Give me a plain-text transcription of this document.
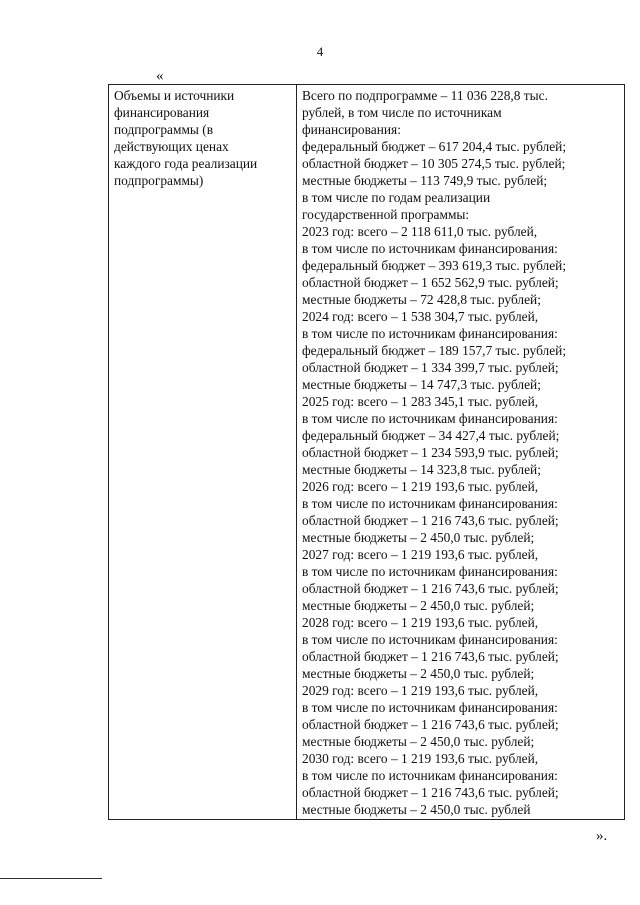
4
«
Объемы и источники
финансирования
подпрограммы (в
действующих ценах
каждого года реализации
подпрограммы)

Всего по подпрограмме – 11 036 228,8 тыс.
рублей, в том числе по источникам
финансирования:
федеральный бюджет – 617 204,4 тыс. рублей;
областной бюджет – 10 305 274,5 тыс. рублей;
местные бюджеты – 113 749,9 тыс. рублей;
в том числе по годам реализации
государственной программы:
2023 год: всего – 2 118 611,0 тыс. рублей,
в том числе по источникам финансирования:
федеральный бюджет – 393 619,3 тыс. рублей;
областной бюджет – 1 652 562,9 тыс. рублей;
местные бюджеты – 72 428,8 тыс. рублей;
2024 год: всего – 1 538 304,7 тыс. рублей,
в том числе по источникам финансирования:
федеральный бюджет – 189 157,7 тыс. рублей;
областной бюджет – 1 334 399,7 тыс. рублей;
местные бюджеты – 14 747,3 тыс. рублей;
2025 год: всего – 1 283 345,1 тыс. рублей,
в том числе по источникам финансирования:
федеральный бюджет – 34 427,4 тыс. рублей;
областной бюджет – 1 234 593,9 тыс. рублей;
местные бюджеты – 14 323,8 тыс. рублей;
2026 год: всего – 1 219 193,6 тыс. рублей,
в том числе по источникам финансирования:
областной бюджет – 1 216 743,6 тыс. рублей;
местные бюджеты – 2 450,0 тыс. рублей;
2027 год: всего – 1 219 193,6 тыс. рублей,
в том числе по источникам финансирования:
областной бюджет – 1 216 743,6 тыс. рублей;
местные бюджеты – 2 450,0 тыс. рублей;
2028 год: всего – 1 219 193,6 тыс. рублей,
в том числе по источникам финансирования:
областной бюджет – 1 216 743,6 тыс. рублей;
местные бюджеты – 2 450,0 тыс. рублей;
2029 год: всего – 1 219 193,6 тыс. рублей,
в том числе по источникам финансирования:
областной бюджет – 1 216 743,6 тыс. рублей;
местные бюджеты – 2 450,0 тыс. рублей;
2030 год: всего – 1 219 193,6 тыс. рублей,
в том числе по источникам финансирования:
областной бюджет – 1 216 743,6 тыс. рублей;
местные бюджеты – 2 450,0 тыс. рублей
».
